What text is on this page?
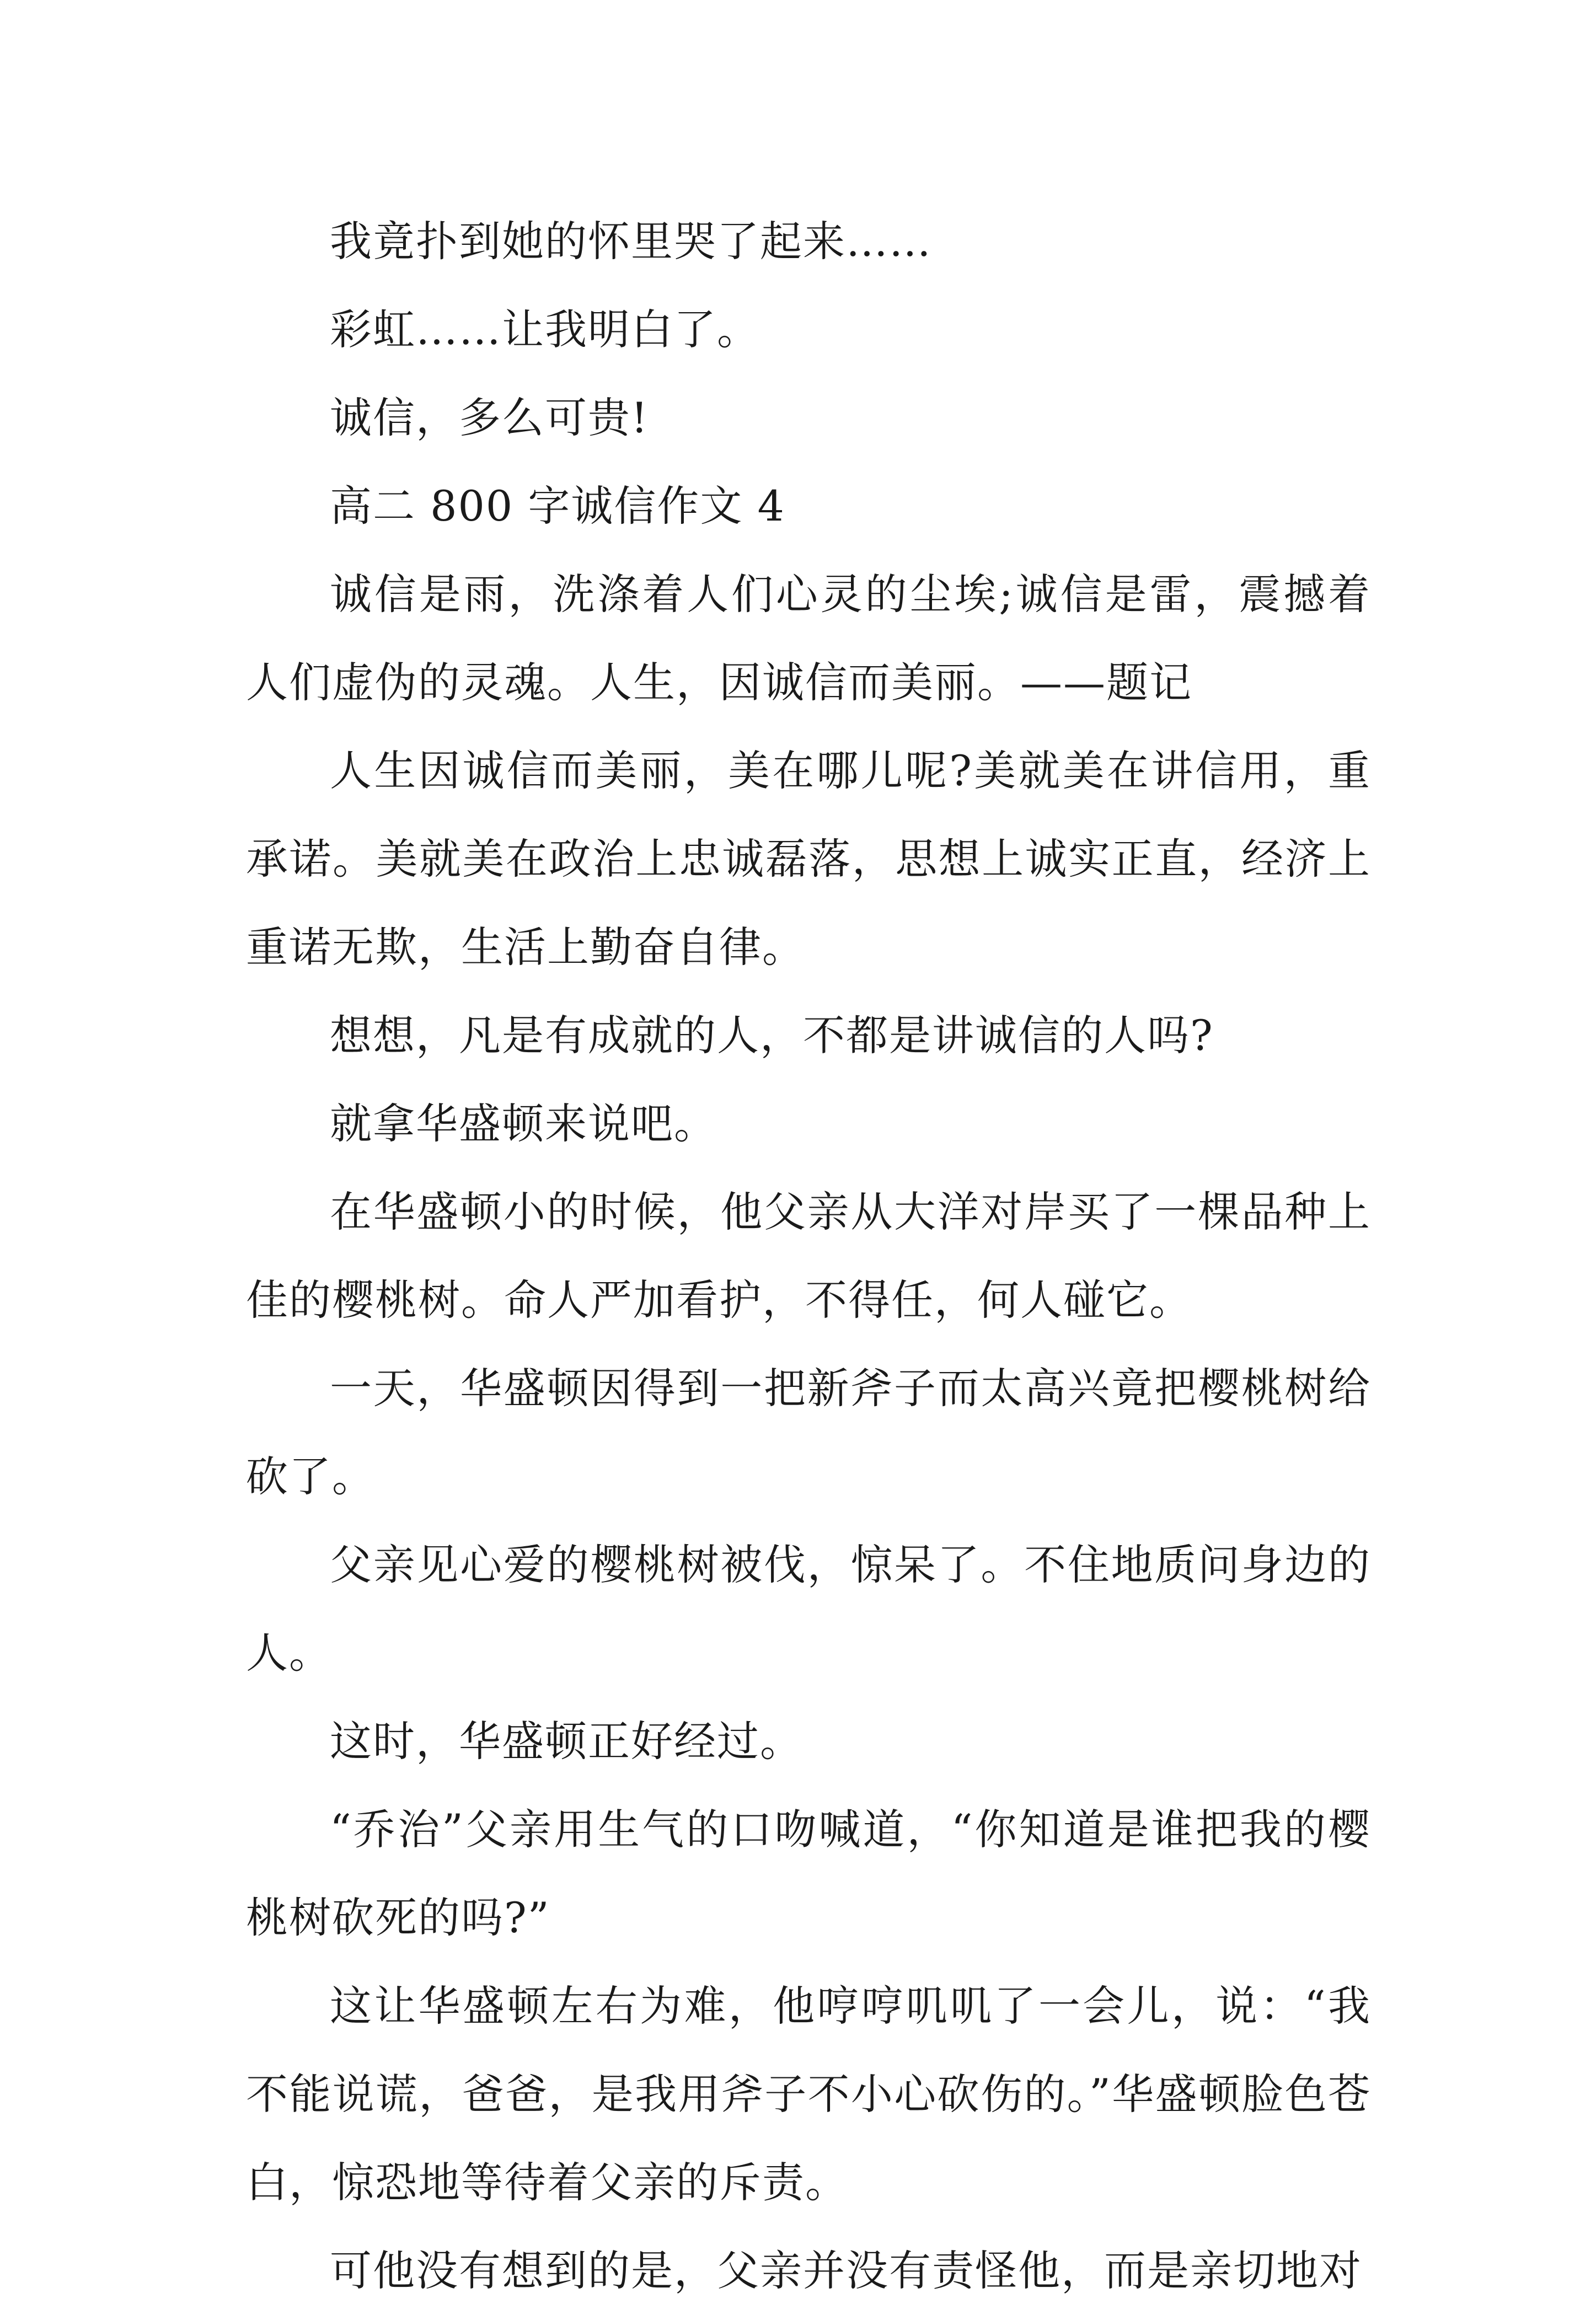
我竟扑到她的怀里哭了起来……

彩虹……让我明白了。

诚信，多么可贵!

高二 800 字诚信作文 4

诚信是雨，洗涤着人们心灵的尘埃;诚信是雷，震撼着人们虚伪的灵魂。人生，因诚信而美丽。——题记

人生因诚信而美丽，美在哪儿呢?美就美在讲信用，重承诺。美就美在政治上忠诚磊落，思想上诚实正直，经济上重诺无欺，生活上勤奋自律。

想想，凡是有成就的人，不都是讲诚信的人吗?

就拿华盛顿来说吧。

在华盛顿小的时候，他父亲从大洋对岸买了一棵品种上佳的樱桃树。命人严加看护，不得任，何人碰它。

一天，华盛顿因得到一把新斧子而太高兴竟把樱桃树给砍了。

父亲见心爱的樱桃树被伐，惊呆了。不住地质问身边的人。

这时，华盛顿正好经过。

“乔治”父亲用生气的口吻喊道，“你知道是谁把我的樱桃树砍死的吗?”

这让华盛顿左右为难，他哼哼叽叽了一会儿，说：“我不能说谎，爸爸，是我用斧子不小心砍伤的。”华盛顿脸色苍白，惊恐地等待着父亲的斥责。

可他没有想到的是，父亲并没有责怪他，而是亲切地对
